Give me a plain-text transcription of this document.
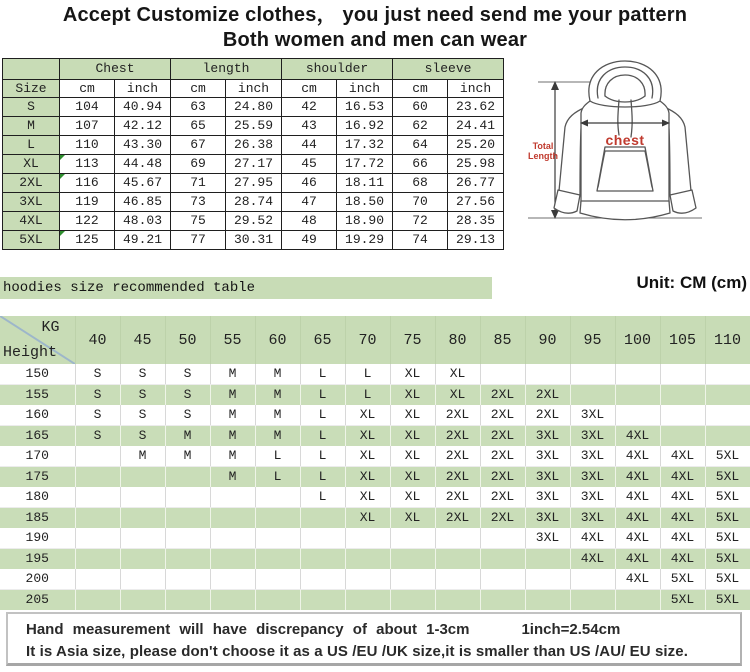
Accept Customize clothes， you just need send me your pattern
Both women and men can wear
	Chest		length		shoulder		sleeve	
Size	cm	inch	cm	inch	cm	inch	cm	inch
S	104	40.94	63	24.80	42	16.53	60	23.62
M	107	42.12	65	25.59	43	16.92	62	24.41
L	110	43.30	67	26.38	44	17.32	64	25.20
XL	113	44.48	69	27.17	45	17.72	66	25.98
2XL	116	45.67	71	27.95	46	18.11	68	26.77
3XL	119	46.85	73	28.74	47	18.50	70	27.56
4XL	122	48.03	75	29.52	48	18.90	72	28.35
5XL	125	49.21	77	30.31	49	19.29	74	29.13
Total Length
chest
hoodies size recommended table	Unit: CM (cm)
KG
Height	40	45	50	55	60	65	70	75	80	85	90	95	100	105	110
150	S	S	S	M	M	L	L	XL	XL						
155	S	S	S	M	M	L	L	XL	XL	2XL	2XL				
160	S	S	S	M	M	L	XL	XL	2XL	2XL	2XL	3XL			
165	S	S	M	M	M	L	XL	XL	2XL	2XL	3XL	3XL	4XL		
170		M	M	M	L	L	XL	XL	2XL	2XL	3XL	3XL	4XL	4XL	5XL
175				M	L	L	XL	XL	2XL	2XL	3XL	3XL	4XL	4XL	5XL
180						L	XL	XL	2XL	2XL	3XL	3XL	4XL	4XL	5XL
185							XL	XL	2XL	2XL	3XL	3XL	4XL	4XL	5XL
190											3XL	4XL	4XL	4XL	5XL
195												4XL	4XL	4XL	5XL
200													4XL	5XL	5XL
205														5XL	5XL
Hand measurement will have discrepancy of about 1-3cm	1inch=2.54cm
It is Asia size, please don't choose it as a US /EU /UK size,it is smaller than US /AU/ EU size.
